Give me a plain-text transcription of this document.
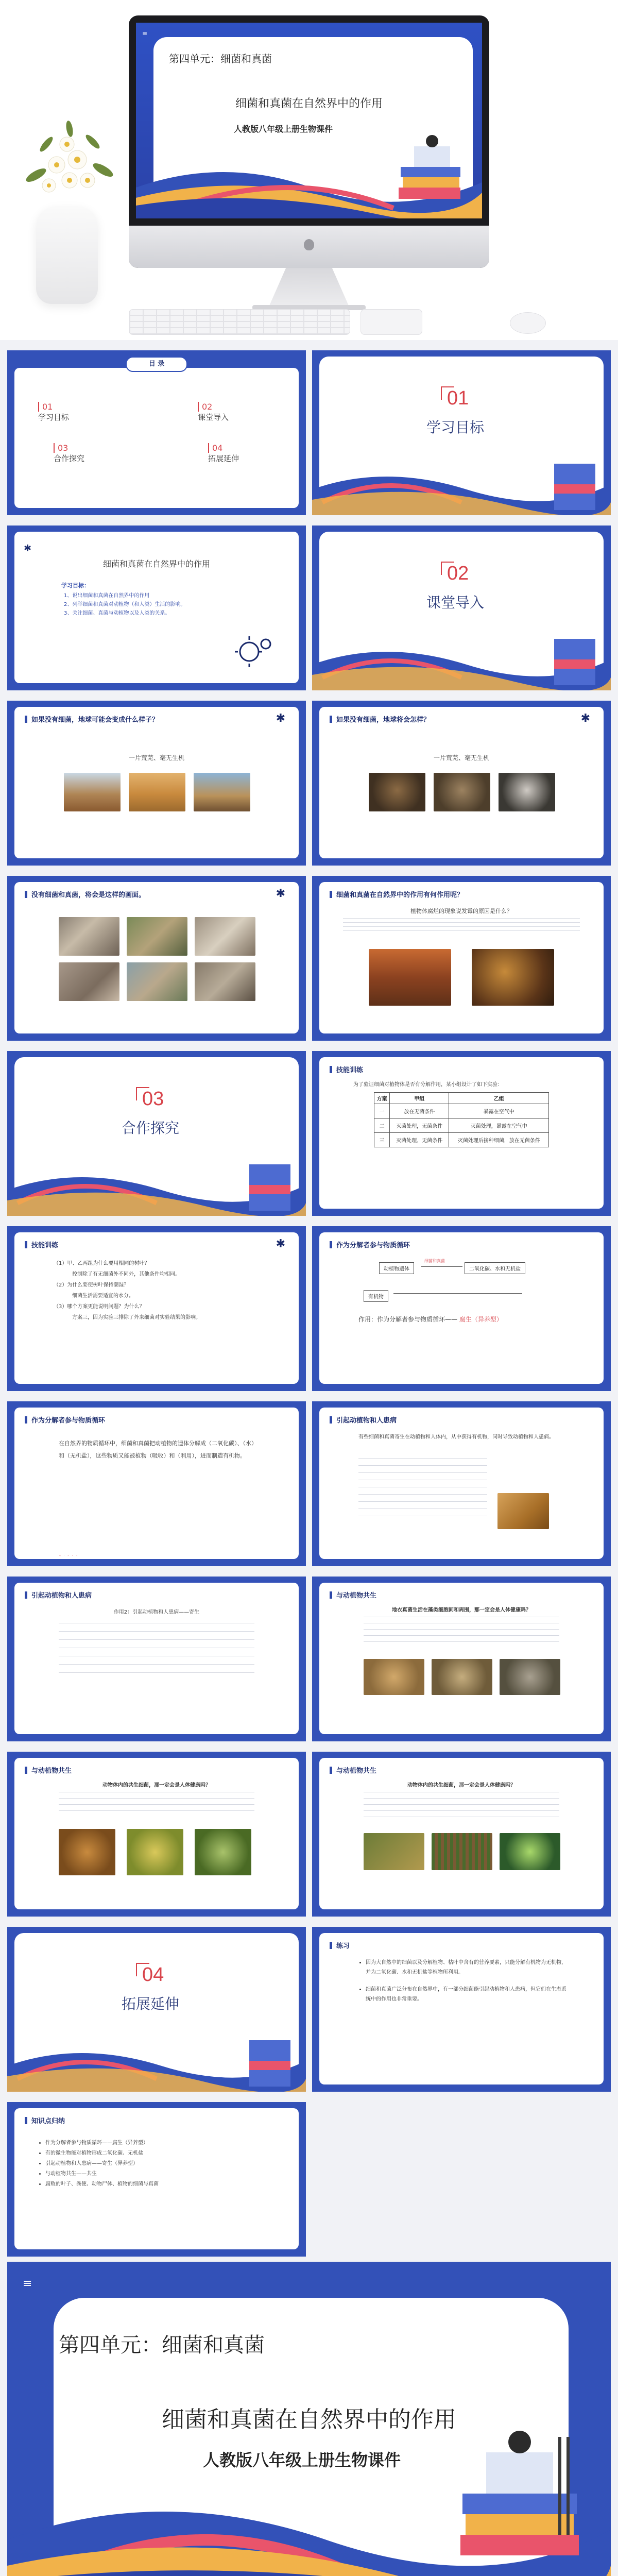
≡
第四单元：细菌和真菌
细菌和真菌在自然界中的作用
人教版八年级上册生物课件
目 录
01
学习目标
02
课堂导入
03
合作探究
04
拓展延伸
01
学习目标
✱
细菌和真菌在自然界中的作用
学习目标：
1、说出细菌和真菌在自然界中的作用
2、列举细菌和真菌对动植物（和人类）生活的影响。
3、关注细菌、真菌与动植物以及人类的关系。
02
课堂导入
如果没有细菌，地球可能会变成什么样子？	✱
一片荒芜、毫无生机
如果没有细菌，地球将会怎样？	✱
一片荒芜、毫无生机
没有细菌和真菌，将会是这样的画面。	✱	细菌和真菌在自然界中的作用有何作用呢？
植物体腐烂的现象说发霉的原因是什么？
03
合作探究
技能训练
为了验证细菌对植物体是否有分解作用，某小组设计了如下实验：
方案	甲组	乙组
一	放在无菌条件	暴露在空气中
二	灭菌处理，无菌条件	灭菌处理，暴露在空气中
三	灭菌处理，无菌条件	灭菌处理后接种细菌，放在无菌条件
技能训练	✱
（1）甲、乙两组为什么要用相同的树叶？
控制除了有无细菌外不同外，其他条件均相同。
（2）为什么要使树叶保持潮湿？
细菌生活需要适宜的水分。
（3）哪个方案更能说明问题？为什么？
方案三，因为实验三排除了外来细菌对实验结果的影响。
作为分解者参与物质循环
动植物遗体
细菌和真菌
二氧化碳、水和无机盐
有机物
作用：作为分解者参与物质循环—— 腐生（异养型）
作为分解者参与物质循环
在自然界的物质循环中，细菌和真菌把动植物的遗体分解成（二氧化碳）、（水）和（无机盐），这些物质又能被植物（吸收）和（利用），进而制造有机物。
二氧化碳	水	无机盐	吸收	利用
引起动植物和人患病
有些细菌和真菌寄生在动植物和人体内，从中获得有机物，同时导致动植物和人患病。
引起动植物和人患病
作用2：引起动植物和人患病——寄生
与动植物共生
地衣真菌生活在藻类细胞间和周围，那一定会是人体健康吗？
与动植物共生
动物体内的共生细菌，那一定会是人体健康吗？
与动植物共生
动物体内的共生细菌，那一定会是人体健康吗？
04
拓展延伸
练习
• 因为大自然中的细菌以及分解植物、枯叶中含有的营养要素，只能分解有机物为无机物，并为二氧化碳、水和无机盐等植物所利用。
• 细菌和真菌广泛分布在自然界中，有一部分细菌能引起动植物和人患病，但它们在生态系统中的作用也非常重要。
知识点归纳
• 作为分解者参与物质循环——腐生（异养型）
• 有的微生物能对植物形成二氧化碳、无机盐
• 引起动植物和人患病——寄生（异养型）
• 与动植物共生——共生
• 腐败的叶子、粪便、动物尸体、植物的细菌与真菌
≡
第四单元：细菌和真菌
细菌和真菌在自然界中的作用
人教版八年级上册生物课件
